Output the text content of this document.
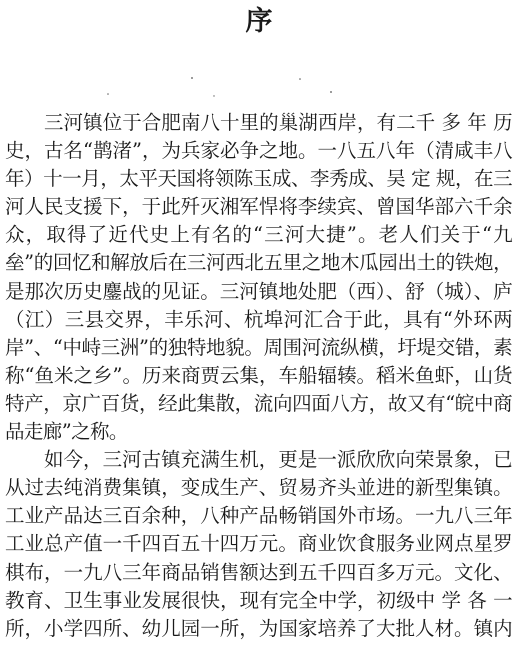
序

三河镇位于合肥南八十里的巢湖西岸，有二千 多 年 历史，古名“鹊渚”，为兵家必争之地。一八五八年（清咸丰八年）十一月，太平天国将领陈玉成、李秀成、吴 定 规，在三河人民支援下，于此歼灭湘军悍将李续宾、曾国华部六千余众，取得了近代史上有名的“三河大捷”。老人们关于“九垒”的回忆和解放后在三河西北五里之地木瓜园出土的铁炮，是那次历史鏖战的见证。三河镇地处肥（西）、舒（城）、庐（江）三县交界，丰乐河、杭埠河汇合于此，具有“外环两岸”、“中峙三洲”的独特地貌。周围河流纵横，圩堤交错，素称“鱼米之乡”。历来商贾云集，车船辐辏。稻米鱼虾，山货特产，京广百货，经此集散，流向四面八方，故又有“皖中商品走廊”之称。

如今，三河古镇充满生机，更是一派欣欣向荣景象，已从过去纯消费集镇，变成生产、贸易齐头並进的新型集镇。工业产品达三百余种，八种产品畅销国外市场。一九八三年工业总产值一千四百五十四万元。商业饮食服务业网点星罗棋布，一九八三年商品销售额达到五千四百多万元。文化、教育、卫生事业发展很快，现有完全中学，初级中 学 各 一所，小学四所、幼儿园一所，为国家培养了大批人材。镇内
